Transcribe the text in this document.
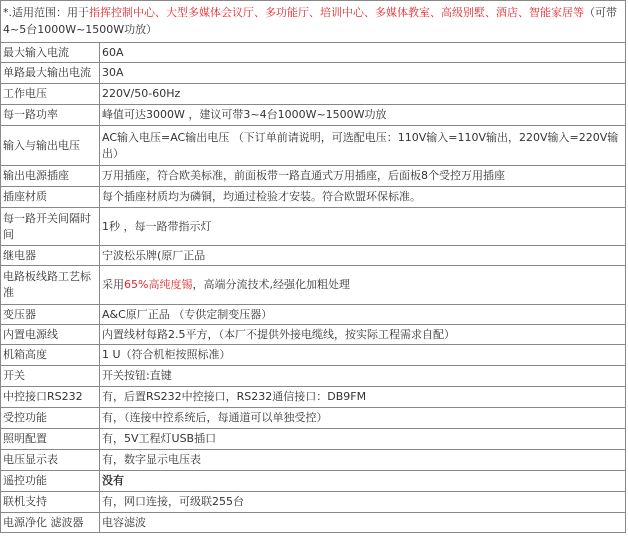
*.适用范围：用于指挥控制中心、大型多媒体会议厅、多功能厅、培训中心、多媒体教室、高级别墅、酒店、智能家居等（可带4~5台1000W~1500W功放）
最大输入电流	60A
单路最大输出电流	30A
工作电压	220V/50-60Hz
每一路功率	峰值可达3000W ，建议可带3~4台1000W~1500W功放
输入与输出电压	AC输入电压=AC输出电压 （下订单前请说明，可选配电压：110V输入=110V输出，220V输入=220V输出）
输出电源插座	万用插座，符合欧美标准，前面板带一路直通式万用插座，后面板8个受控万用插座
插座材质	每个插座材质均为磷铜，均通过检验才安装。符合欧盟环保标准。
每一路开关间隔时间	1秒 ，每一路带指示灯
继电器	宁波松乐牌(原厂正品
电路板线路工艺标准	采用65%高纯度锡，高端分流技术,经强化加粗处理
变压器	A&C原厂正品 （专供定制变压器）
内置电源线	内置线材每路2.5平方，（本厂不提供外接电缆线，按实际工程需求自配）
机箱高度	1 U（符合机柜按照标准）
开关	开关按钮:直键
中控接口RS232	有，后置RS232中控接口，RS232通信接口：DB9FM
受控功能	有，（连接中控系统后，每通道可以单独受控）
照明配置	有，5V工程灯USB插口
电压显示表	有，数字显示电压表
遥控功能	没有
联机支持	有，网口连接，可级联255台
电源净化 滤波器	电容滤波
